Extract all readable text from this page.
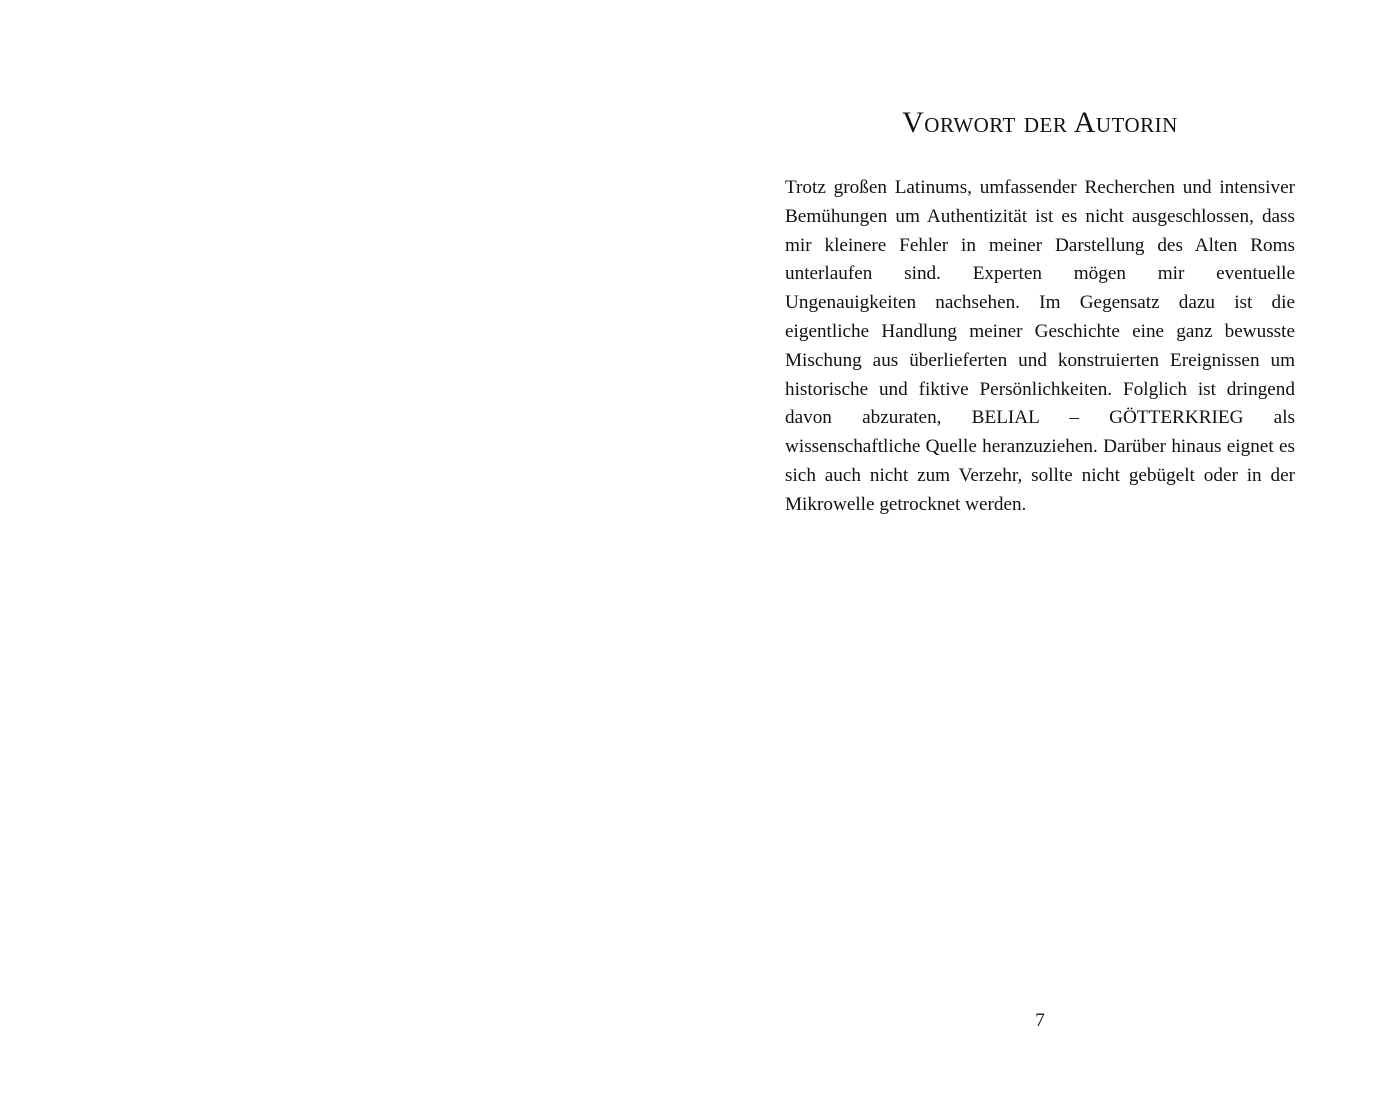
Vorwort der Autorin

Trotz großen Latinums, umfassender Recherchen und intensiver Bemühungen um Authentizität ist es nicht ausgeschlossen, dass mir kleinere Fehler in meiner Darstellung des Alten Roms unterlaufen sind. Experten mögen mir eventuelle Ungenauigkeiten nachsehen. Im Gegensatz dazu ist die eigentliche Handlung meiner Geschichte eine ganz bewusste Mischung aus überlieferten und konstruierten Ereignissen um historische und fiktive Persönlichkeiten. Folglich ist dringend davon abzuraten, BELIAL – GÖTTERKRIEG als wissenschaftliche Quelle heranzuziehen. Darüber hinaus eignet es sich auch nicht zum Verzehr, sollte nicht gebügelt oder in der Mikrowelle getrocknet werden.

7
